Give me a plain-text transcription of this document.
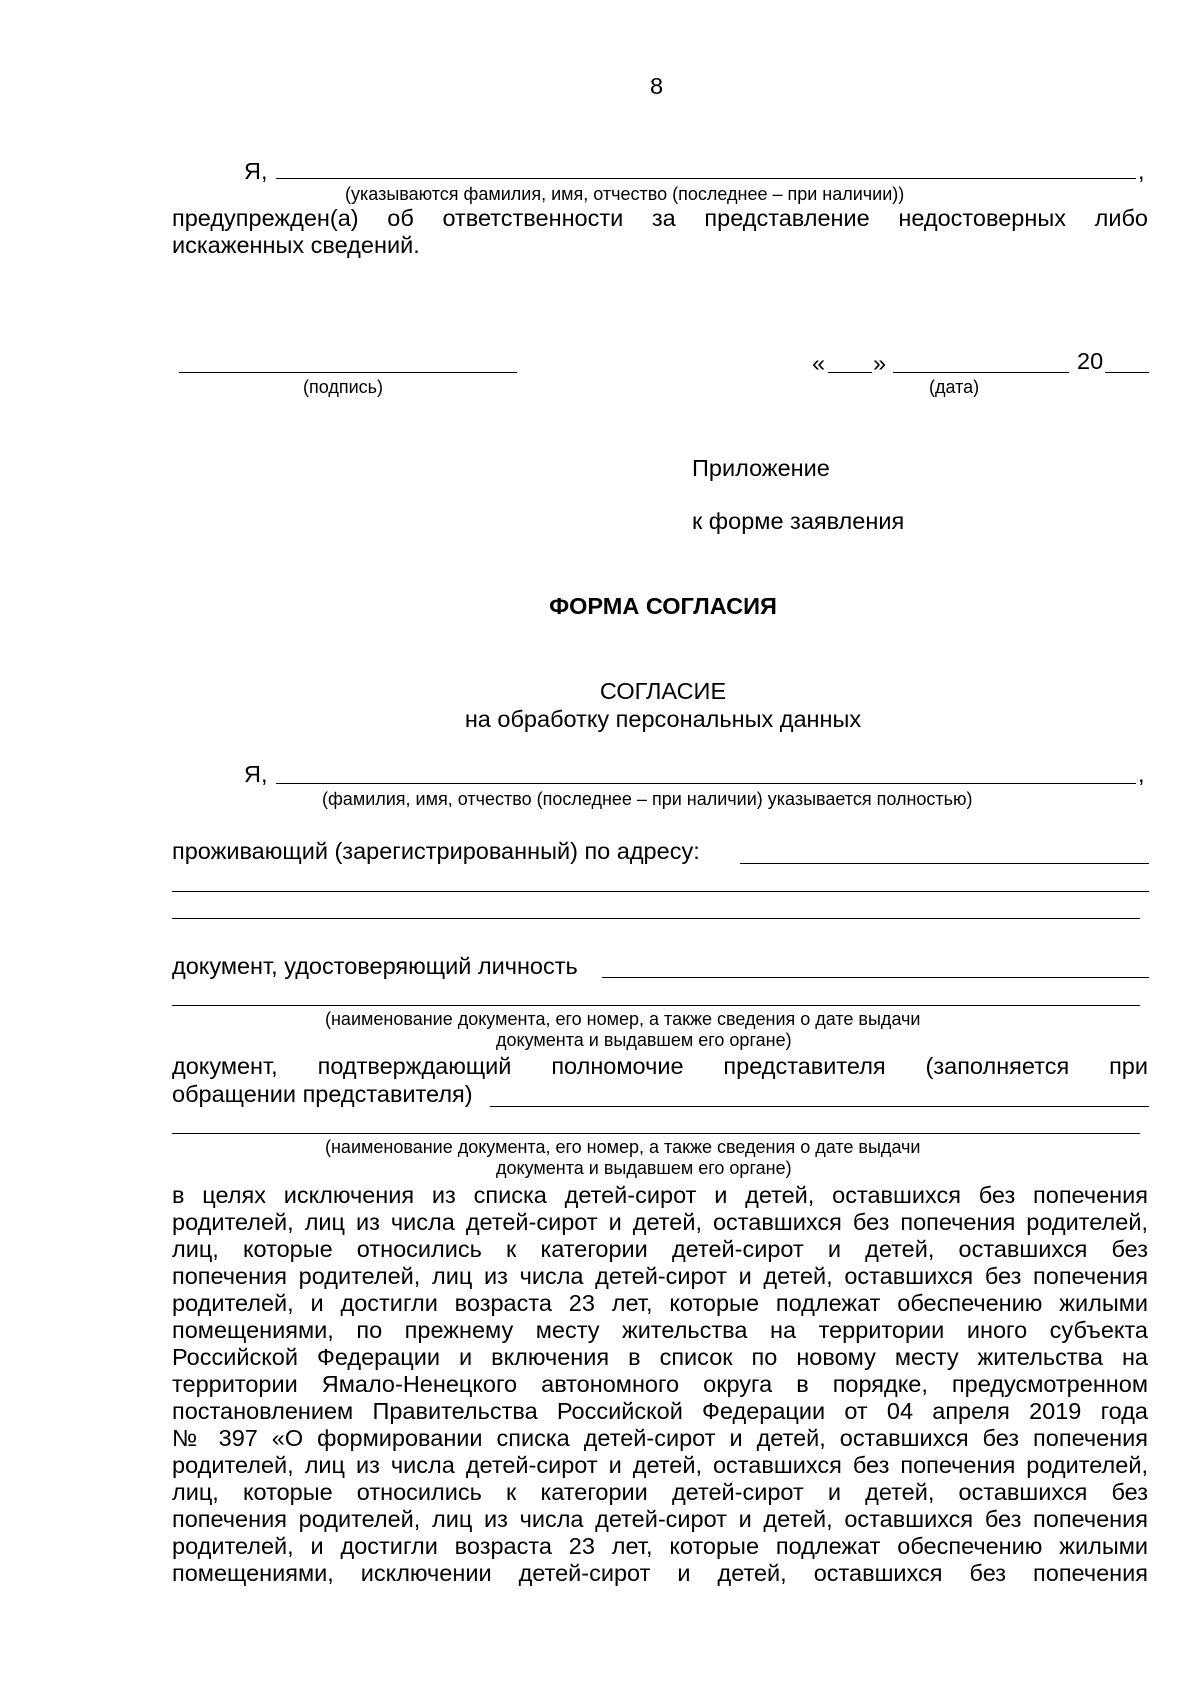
8
Я,	,
(указываются фамилия, имя, отчество (последнее – при наличии))
предупрежден(а) об ответственности за представление недостоверных либо
искаженных сведений.
(подпись)
« »	20
(дата)
Приложение
к форме заявления
ФОРМА СОГЛАСИЯ
СОГЛАСИЕ
на обработку персональных данных
Я,	,
(фамилия, имя, отчество (последнее – при наличии) указывается полностью)
проживающий (зарегистрированный) по адресу:
документ, удостоверяющий личность
(наименование документа, его номер, а также сведения о дате выдачи
документа и выдавшем его органе)
документ, подтверждающий полномочие представителя (заполняется при
обращении представителя)
(наименование документа, его номер, а также сведения о дате выдачи
документа и выдавшем его органе)
в целях исключения из списка детей-сирот и детей, оставшихся без попечения
родителей, лиц из числа детей-сирот и детей, оставшихся без попечения родителей,
лиц, которые относились к категории детей-сирот и детей, оставшихся без
попечения родителей, лиц из числа детей-сирот и детей, оставшихся без попечения
родителей, и достигли возраста 23 лет, которые подлежат обеспечению жилыми
помещениями, по прежнему месту жительства на территории иного субъекта
Российской Федерации и включения в список по новому месту жительства на
территории Ямало-Ненецкого автономного округа в порядке, предусмотренном
постановлением Правительства Российской Федерации от 04 апреля 2019 года
№ 397 «О формировании списка детей-сирот и детей, оставшихся без попечения
родителей, лиц из числа детей-сирот и детей, оставшихся без попечения родителей,
лиц, которые относились к категории детей-сирот и детей, оставшихся без
попечения родителей, лиц из числа детей-сирот и детей, оставшихся без попечения
родителей, и достигли возраста 23 лет, которые подлежат обеспечению жилыми
помещениями, исключении детей-сирот и детей, оставшихся без попечения
